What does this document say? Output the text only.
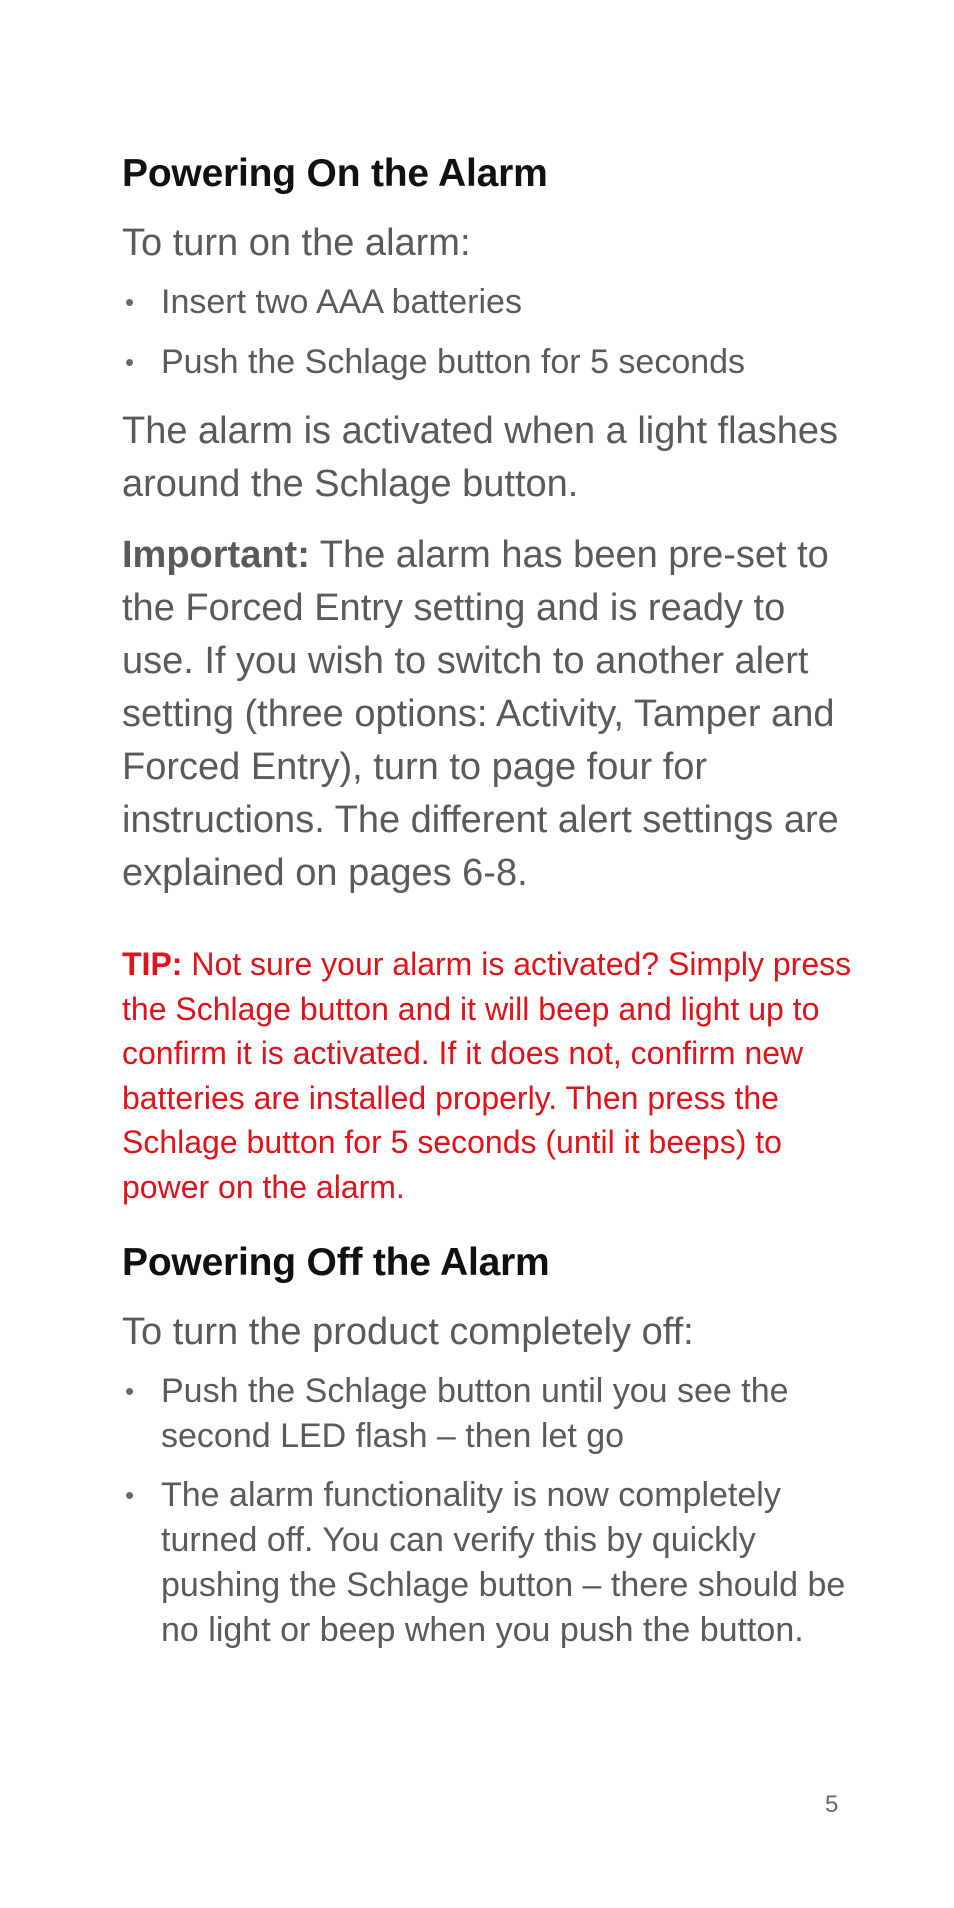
Powering On the Alarm

To turn on the alarm:

• Insert two AAA batteries
• Push the Schlage button for 5 seconds

The alarm is activated when a light flashes around the Schlage button.

Important: The alarm has been pre-set to the Forced Entry setting and is ready to use. If you wish to switch to another alert setting (three options: Activity, Tamper and Forced Entry), turn to page four for instructions. The different alert settings are explained on pages 6-8.

TIP: Not sure your alarm is activated? Simply press the Schlage button and it will beep and light up to confirm it is activated. If it does not, confirm new batteries are installed properly. Then press the Schlage button for 5 seconds (until it beeps) to power on the alarm.

Powering Off the Alarm

To turn the product completely off:

• Push the Schlage button until you see the second LED flash – then let go
• The alarm functionality is now completely turned off. You can verify this by quickly pushing the Schlage button – there should be no light or beep when you push the button.
5
